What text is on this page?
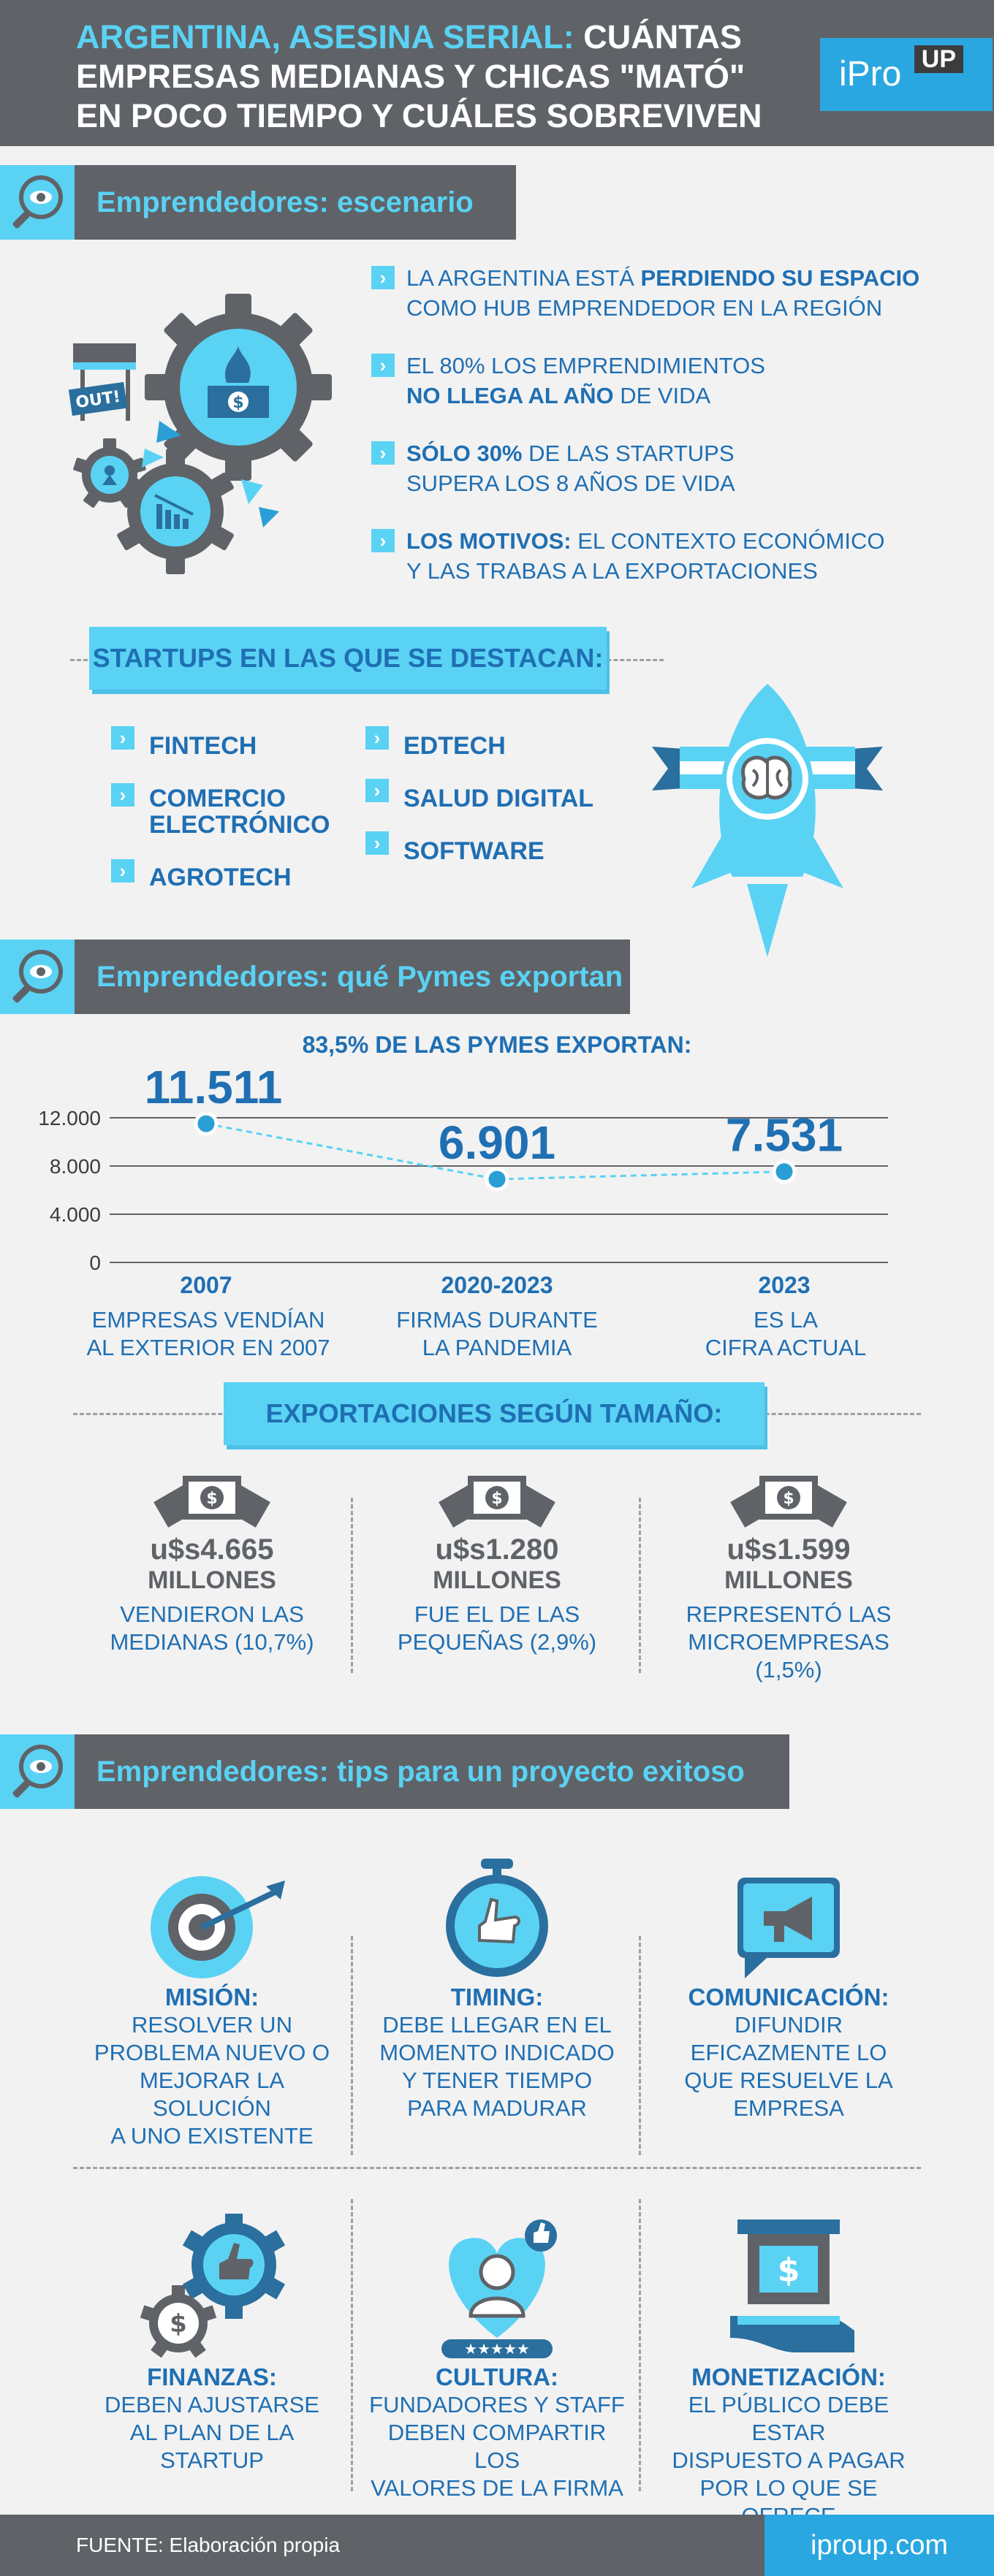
ARGENTINA, ASESINA SERIAL: CUÁNTAS
EMPRESAS MEDIANAS Y CHICAS "MATÓ"
EN POCO TIEMPO Y CUÁLES SOBREVIVEN
iPro UP
Emprendedores: escenario
$
OUT!
› LA ARGENTINA ESTÁ PERDIENDO SU ESPACIO
COMO HUB EMPRENDEDOR EN LA REGIÓN
› EL 80% LOS EMPRENDIMIENTOS
NO LLEGA AL AÑO DE VIDA
› SÓLO 30% DE LAS STARTUPS
SUPERA LOS 8 AÑOS DE VIDA
› LOS MOTIVOS: EL CONTEXTO ECONÓMICO
Y LAS TRABAS A LA EXPORTACIONES
STARTUPS EN LAS QUE SE DESTACAN:
› FINTECH
› COMERCIO
ELECTRÓNICO
› AGROTECH
› EDTECH
› SALUD DIGITAL
› SOFTWARE
Emprendedores: qué Pymes exportan
83,5% DE LAS PYMES EXPORTAN:
12.000
8.000
4.000
0
11.511
2007
6.901
2020-2023
7.531
2023
EMPRESAS VENDÍAN
AL EXTERIOR EN 2007
FIRMAS DURANTE
LA PANDEMIA
ES LA
CIFRA ACTUAL
EXPORTACIONES SEGÚN TAMAÑO:
$
u$s4.665
MILLONES
VENDIERON LAS
MEDIANAS (10,7%)
$
u$s1.280
MILLONES
FUE EL DE LAS
PEQUEÑAS (2,9%)
$
u$s1.599
MILLONES
REPRESENTÓ LAS
MICROEMPRESAS (1,5%)
Emprendedores: tips para un proyecto exitoso
MISIÓN:
RESOLVER UN
PROBLEMA NUEVO O
MEJORAR LA SOLUCIÓN
A UNO EXISTENTE
TIMING:
DEBE LLEGAR EN EL
MOMENTO INDICADO
Y TENER TIEMPO
PARA MADURAR
COMUNICACIÓN:
DIFUNDIR
EFICAZMENTE LO
QUE RESUELVE LA
EMPRESA
$
FINANZAS:
DEBEN AJUSTARSE
AL PLAN DE LA
STARTUP
★★★★★
CULTURA:
FUNDADORES Y STAFF
DEBEN COMPARTIR LOS
VALORES DE LA FIRMA
$
MONETIZACIÓN:
EL PÚBLICO DEBE ESTAR
DISPUESTO A PAGAR
POR LO QUE SE
FUENTE: Elaboración propia	iproup.com
